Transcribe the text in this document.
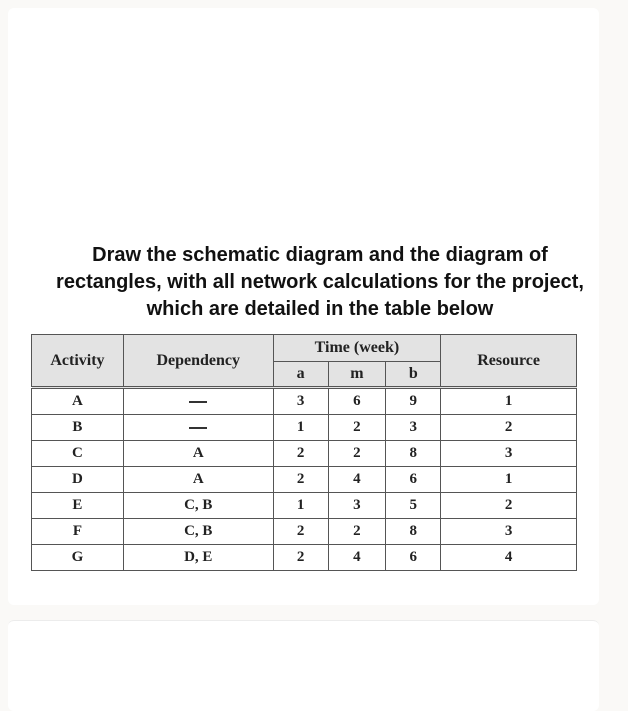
Draw the schematic diagram and the diagram of
rectangles, with all network calculations for the project,
which are detailed in the table below

Activity	Dependency	Time (week)			Resource
		a	m	b	
A		3	6	9	1
B		1	2	3	2
C	A	2	2	8	3
D	A	2	4	6	1
E	C, B	1	3	5	2
F	C, B	2	2	8	3
G	D, E	2	4	6	4
